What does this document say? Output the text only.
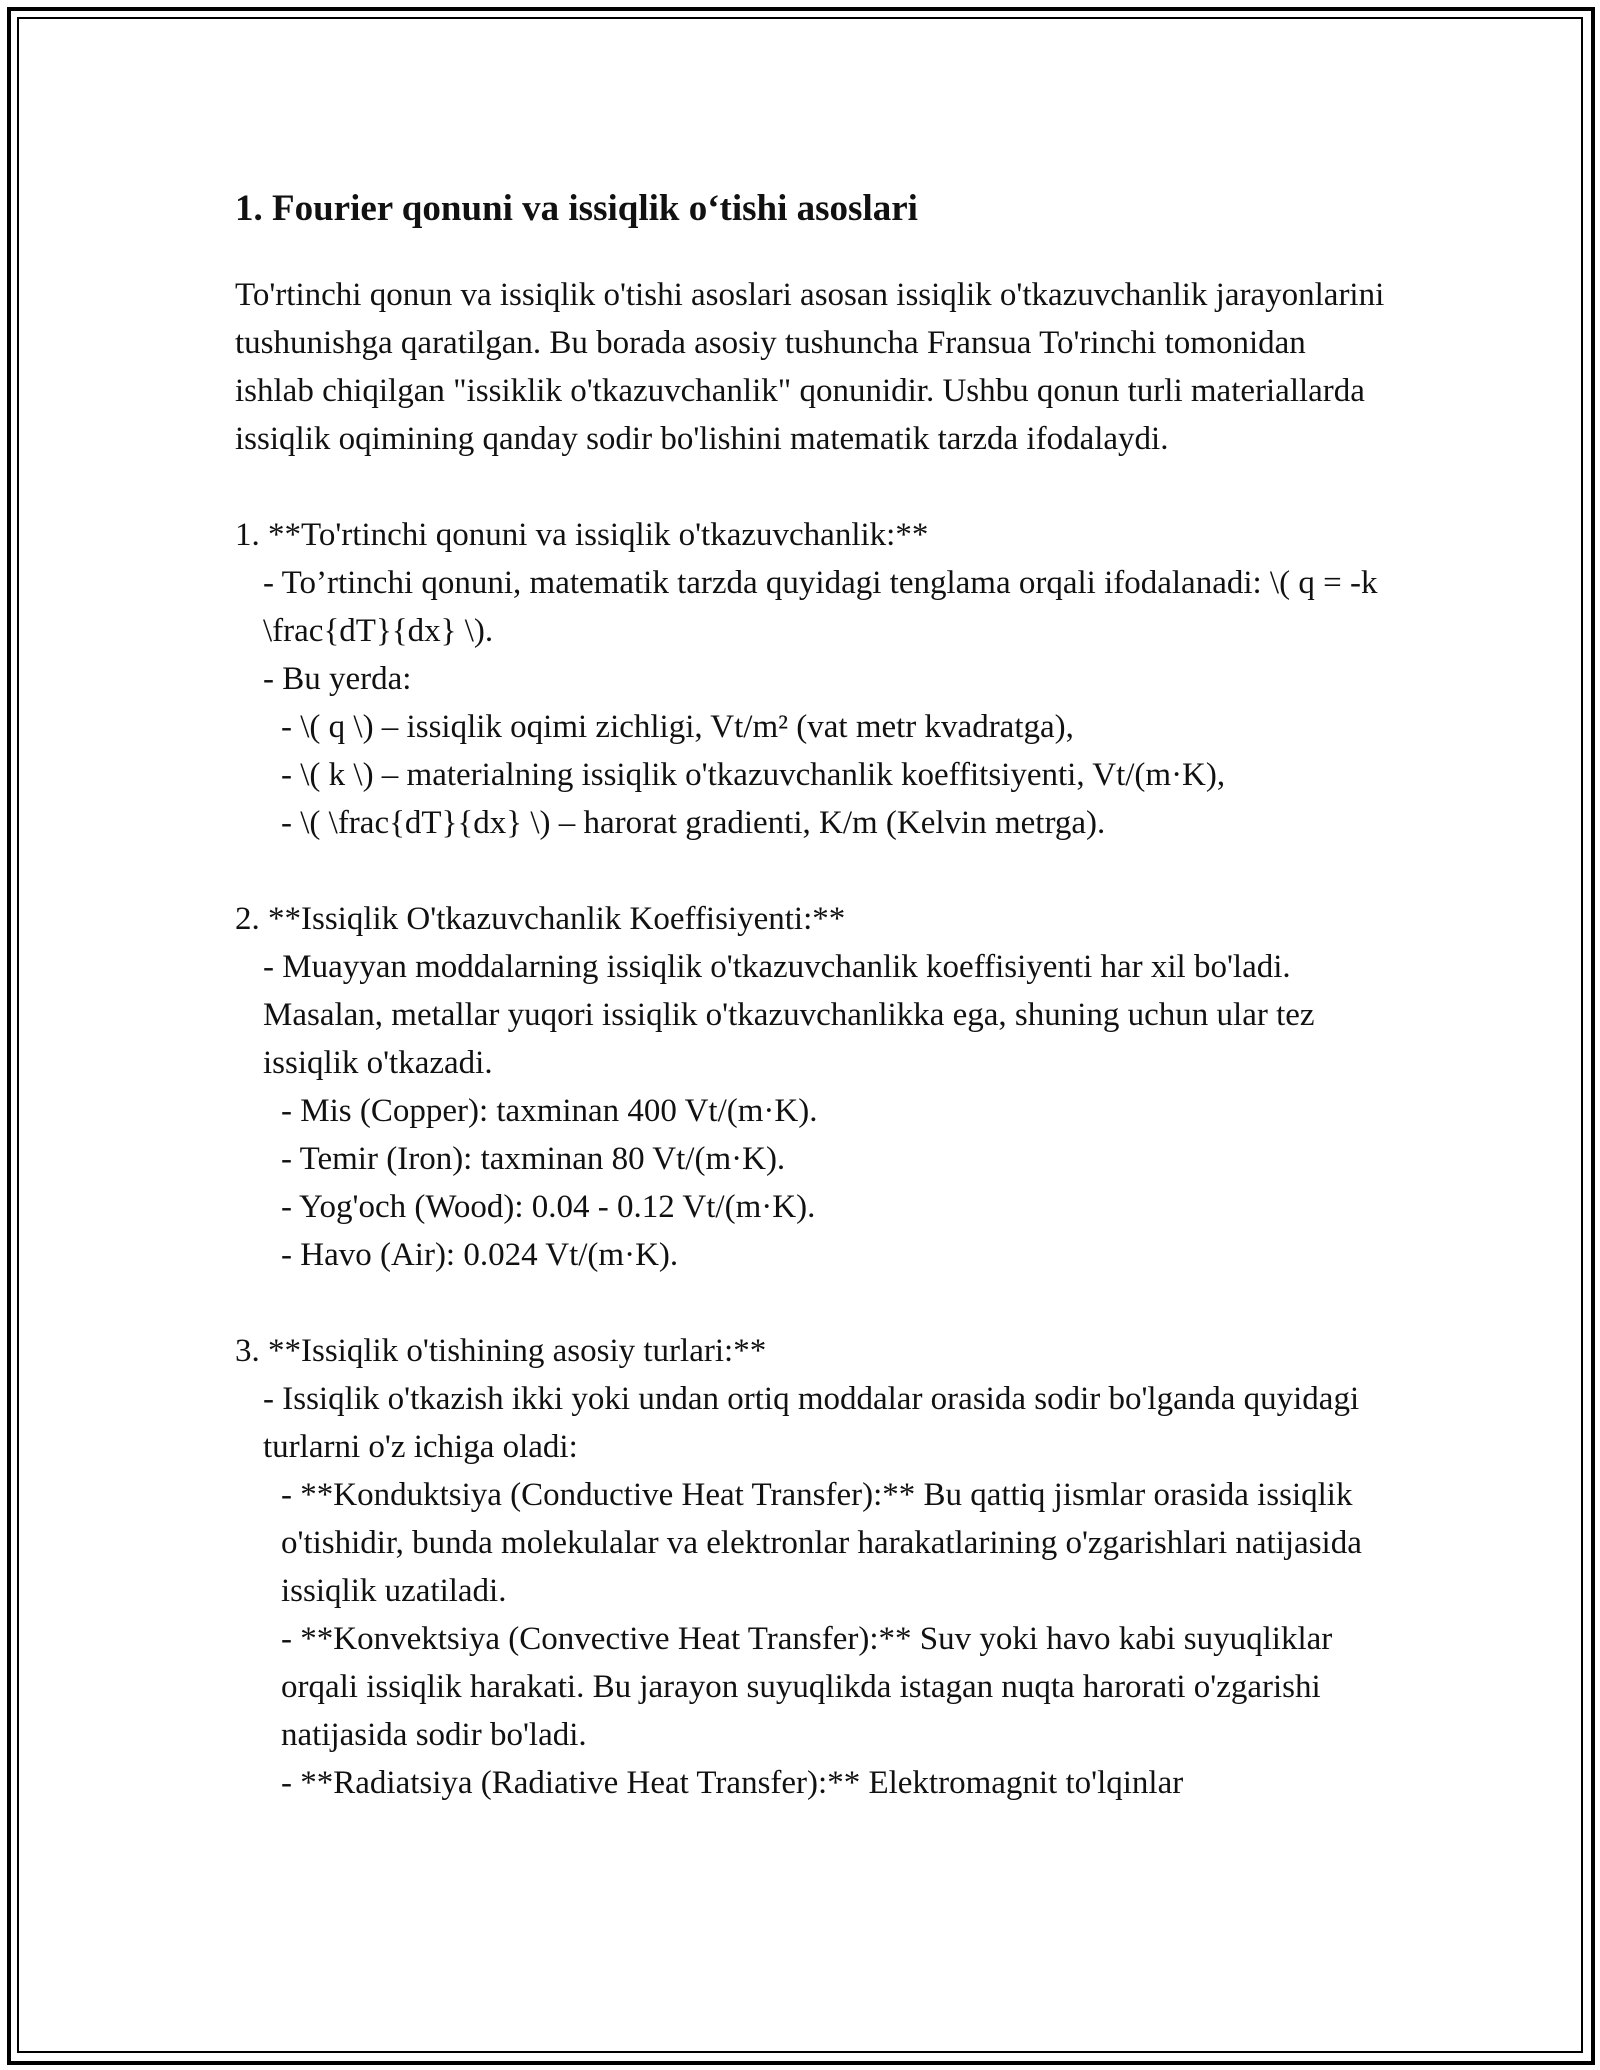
1. Fourier qonuni va issiqlik o‘tishi asoslari

To'rtinchi qonun va issiqlik o'tishi asoslari asosan issiqlik o'tkazuvchanlik jarayonlarini tushunishga qaratilgan. Bu borada asosiy tushuncha Fransua To'rinchi tomonidan ishlab chiqilgan "issiklik o'tkazuvchanlik" qonunidir. Ushbu qonun turli materiallarda issiqlik oqimining qanday sodir bo'lishini matematik tarzda ifodalaydi.

1. **To'rtinchi qonuni va issiqlik o'tkazuvchanlik:**
- To’rtinchi qonuni, matematik tarzda quyidagi tenglama orqali ifodalanadi: \( q = -k \frac{dT}{dx} \).
- Bu yerda:
- \( q \) – issiqlik oqimi zichligi, Vt/m² (vat metr kvadratga),
- \( k \) – materialning issiqlik o'tkazuvchanlik koeffitsiyenti, Vt/(m·K),
- \( \frac{dT}{dx} \) – harorat gradienti, K/m (Kelvin metrga).
2. **Issiqlik O'tkazuvchanlik Koeffisiyenti:**
- Muayyan moddalarning issiqlik o'tkazuvchanlik koeffisiyenti har xil bo'ladi. Masalan, metallar yuqori issiqlik o'tkazuvchanlikka ega, shuning uchun ular tez issiqlik o'tkazadi.
- Mis (Copper): taxminan 400 Vt/(m·K).
- Temir (Iron): taxminan 80 Vt/(m·K).
- Yog'och (Wood): 0.04 - 0.12 Vt/(m·K).
- Havo (Air): 0.024 Vt/(m·K).
3. **Issiqlik o'tishining asosiy turlari:**
- Issiqlik o'tkazish ikki yoki undan ortiq moddalar orasida sodir bo'lganda quyidagi turlarni o'z ichiga oladi:
- **Konduktsiya (Conductive Heat Transfer):** Bu qattiq jismlar orasida issiqlik o'tishidir, bunda molekulalar va elektronlar harakatlarining o'zgarishlari natijasida issiqlik uzatiladi.
- **Konvektsiya (Convective Heat Transfer):** Suv yoki havo kabi suyuqliklar orqali issiqlik harakati. Bu jarayon suyuqlikda istagan nuqta harorati o'zgarishi natijasida sodir bo'ladi.
- **Radiatsiya (Radiative Heat Transfer):** Elektromagnit to'lqinlar
